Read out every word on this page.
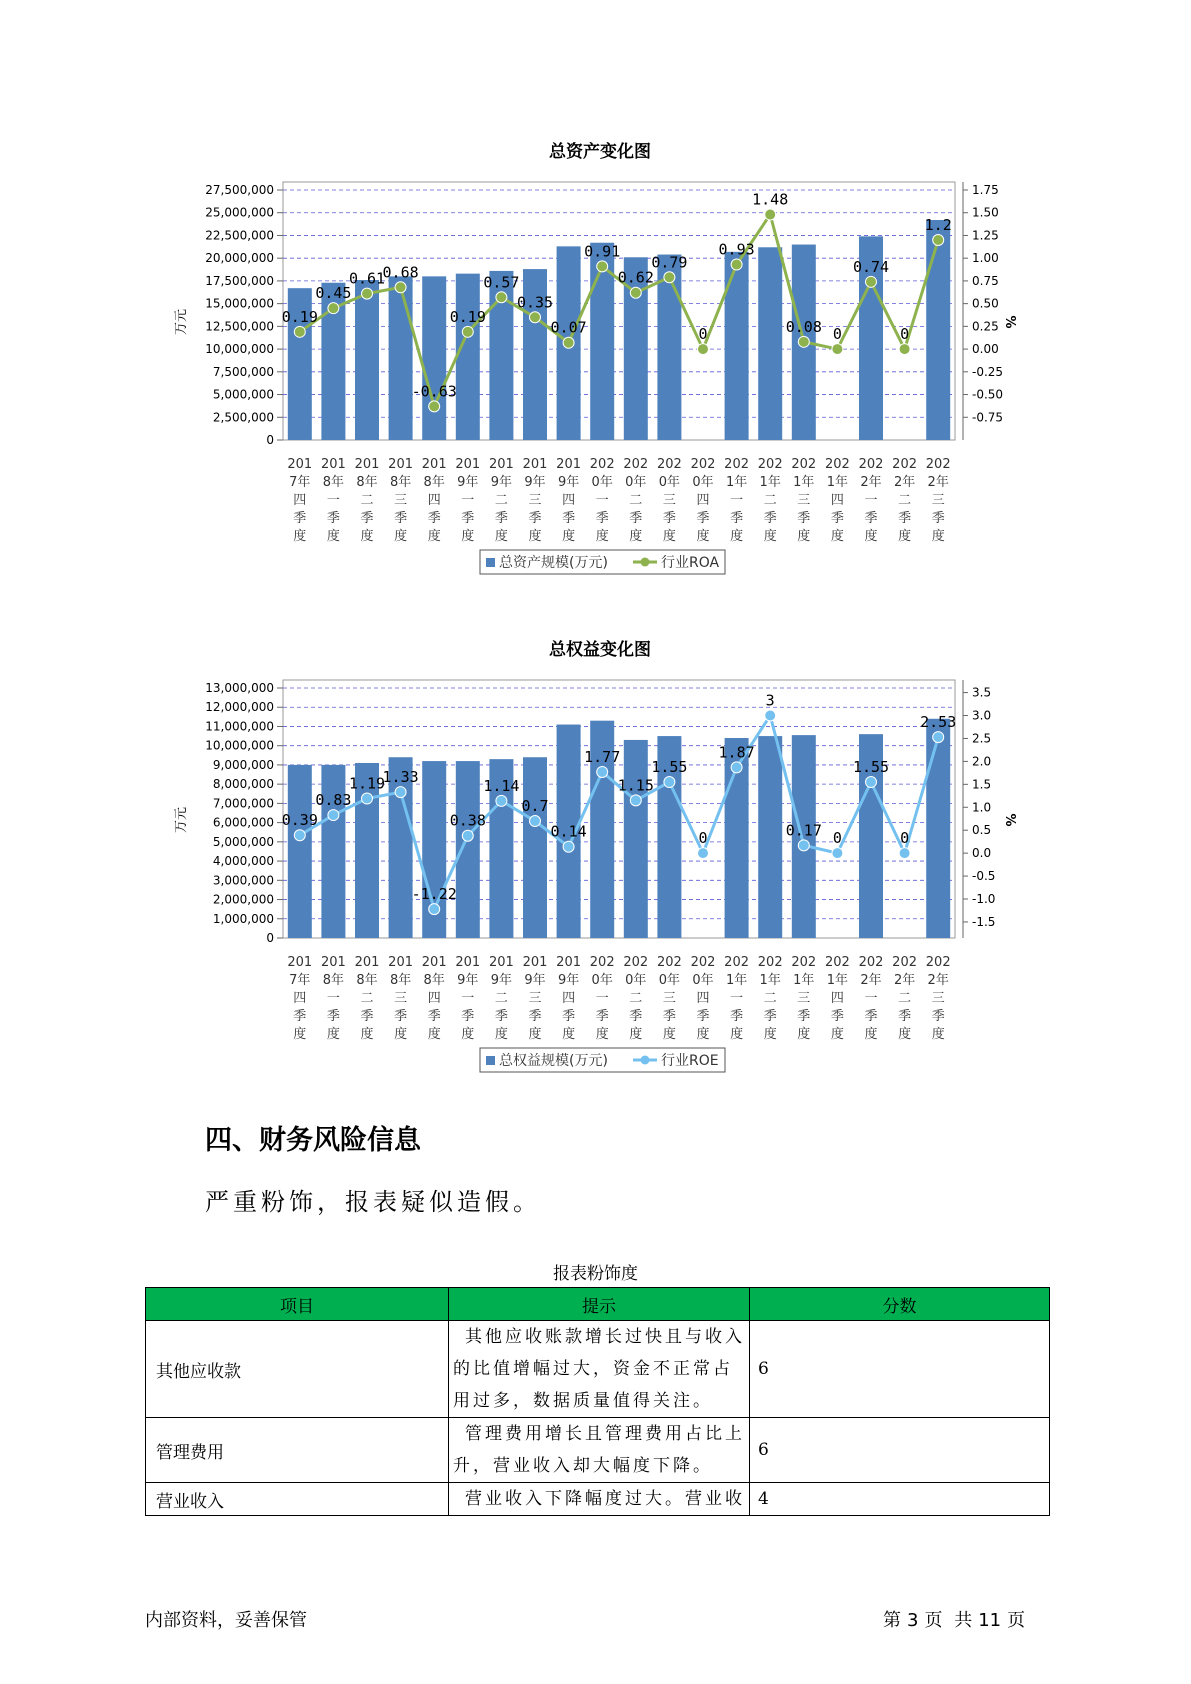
总资产变化图
0
2,500,000
5,000,000
7,500,000
10,000,000
12,500,000
15,000,000
17,500,000
20,000,000
22,500,000
25,000,000
27,500,000
-0.75
-0.50
-0.25
0.00
0.25
0.50
0.75
1.00
1.25
1.50
1.75
万元	%
201 7年四季度
201 8年一季度
201 8年二季度
201 8年三季度
201 8年四季度
201 9年一季度
201 9年二季度
201 9年三季度
201 9年四季度
202 0年一季度
202 0年二季度
202 0年三季度
202 0年四季度
202 1年一季度
202 1年二季度
202 1年三季度
202 1年四季度
202 2年一季度
202 2年二季度
202 2年三季度
0.19
0.45
0.61
0.68
-0.63
0.19
0.57
0.35
0.07
0.91
0.62
0.79
0
0.93
1.48
0.08 0
0.74
0
1.2
总资产规模(万元)	行业ROA
总权益变化图
0
1,000,000
2,000,000
3,000,000
4,000,000
5,000,000
6,000,000
7,000,000
8,000,000
9,000,000
10,000,000
11,000,000
12,000,000
13,000,000
-1.5
-1.0
-0.5
0.0
0.5
1.0
1.5
2.0
2.5
3.0
3.5
万元	%
201 7年四季度
201 8年一季度
201 8年二季度
201 8年三季度
201 8年四季度
201 9年一季度
201 9年二季度
201 9年三季度
201 9年四季度
202 0年一季度
202 0年二季度
202 0年三季度
202 0年四季度
202 1年一季度
202 1年二季度
202 1年三季度
202 1年四季度
202 2年一季度
202 2年二季度
202 2年三季度
0.39
0.83
1.19
1.33
-1.22
0.38
1.14
0.7
0.14
1.77
1.15
1.55
0
1.87
3
0.17 0
1.55
0
2.53
总权益规模(万元)	行业ROE
四、财务风险信息
严重粉饰，报表疑似造假。
报表粉饰度
项目	提示	分数
其他应收款	其他应收账款增长过快且与收入的比值增幅过大，资金不正常占用过多，数据质量值得关注。	6
管理费用	管理费用增长且管理费用占比上升，营业收入却大幅度下降。	6
营业收入	营业收入下降幅度过大。营业收	4
内部资料，妥善保管	第 3 页 共 11 页
